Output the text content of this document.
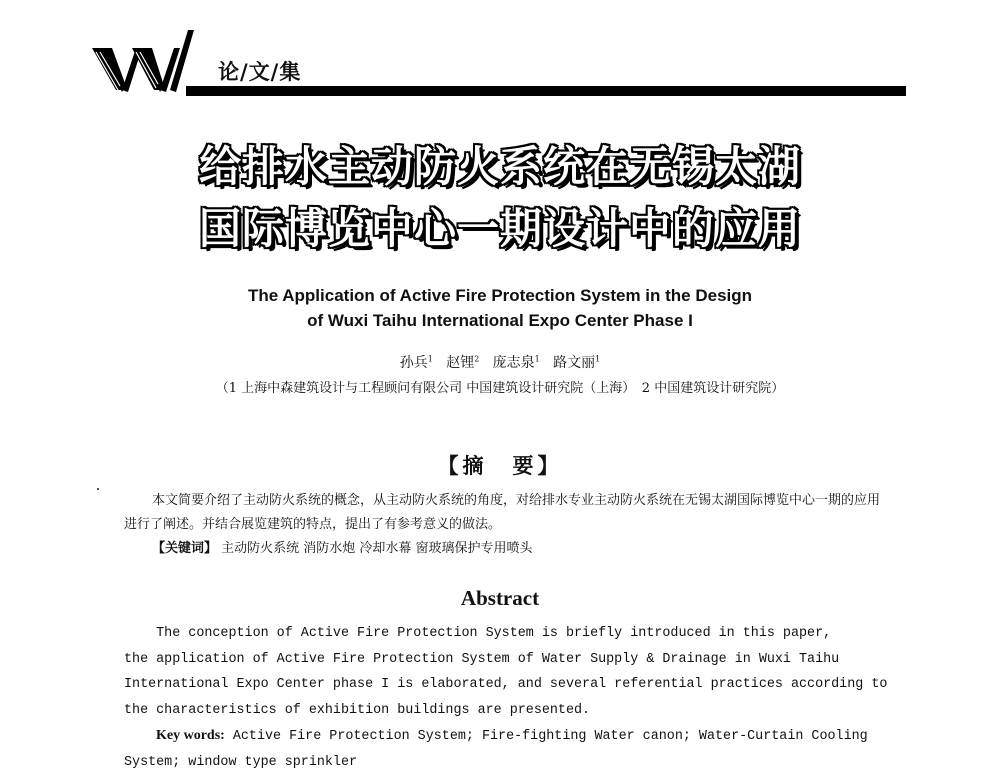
论/文/集
给排水主动防火系统在无锡太湖
国际博览中心一期设计中的应用
The Application of Active Fire Protection System in the Design
of Wuxi Taihu International Expo Center Phase I
孙兵$^1$ 赵锂$^2$ 庞志泉$^1$ 路文丽$^1$
（1 上海中森建筑设计与工程顾问有限公司 中国建筑设计研究院（上海）　2 中国建筑设计研究院）
【摘　要】

本文简要介绍了主动防火系统的概念，从主动防火系统的角度，对给排水专业主动防火系统在无锡太湖国际博览中心一期的应用进行了阐述。并结合展览建筑的特点，提出了有参考意义的做法。

【关键词】 主动防火系统 消防水炮 冷却水幕 窗玻璃保护专用喷头

Abstract

The conception of Active Fire Protection System is briefly introduced in this paper,

the application of Active Fire Protection System of Water Supply & Drainage in Wuxi Taihu

International Expo Center phase I is elaborated, and several referential practices according to

the characteristics of exhibition buildings are presented.

Key words: Active Fire Protection System; Fire-fighting Water canon; Water-Curtain Cooling

System; window type sprinkler
